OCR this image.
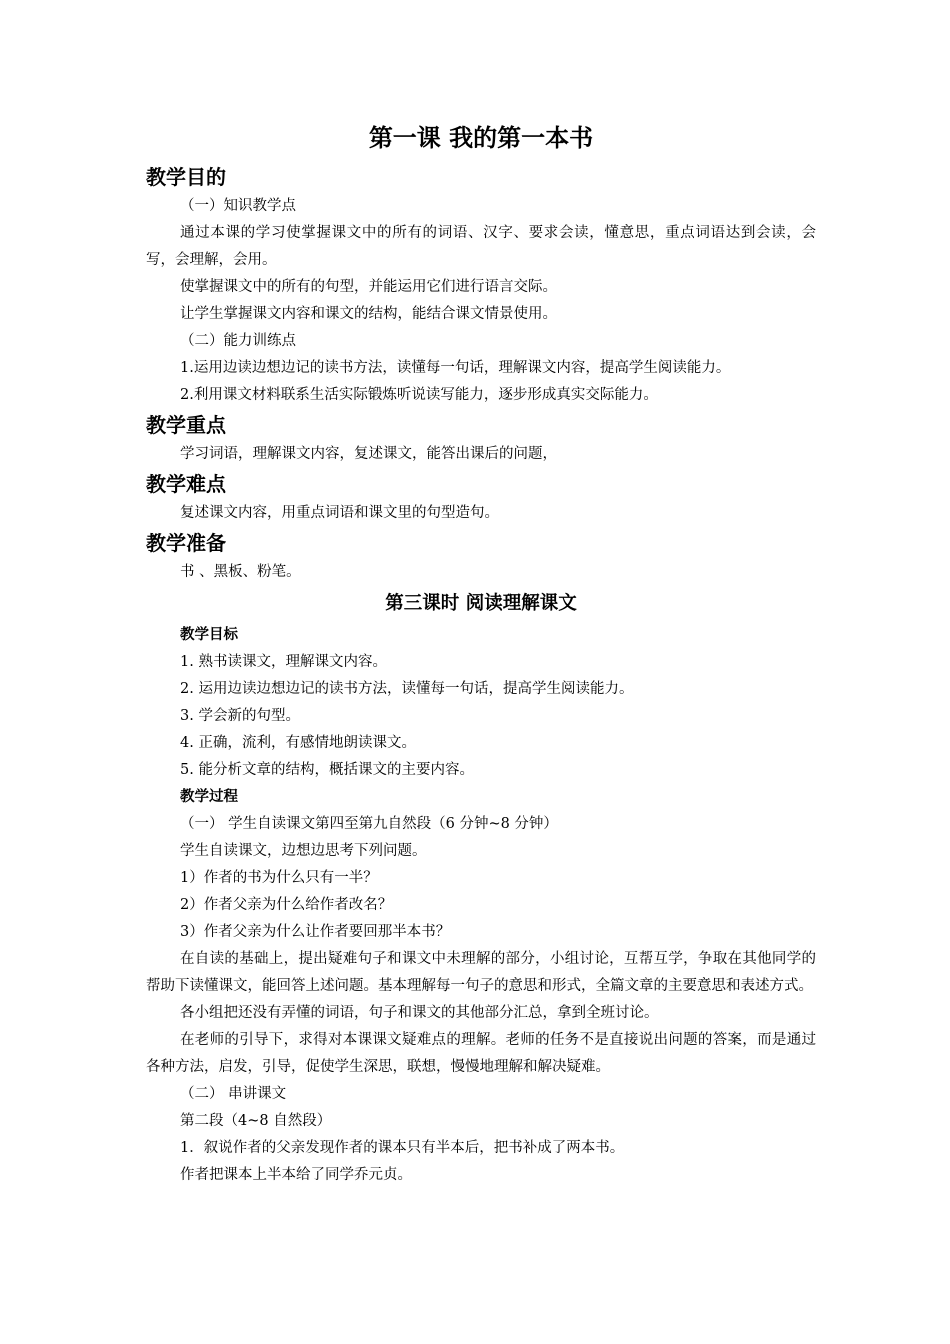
第一课 我的第一本书
教学目的
（一）知识教学点
通过本课的学习使掌握课文中的所有的词语、汉字、要求会读，懂意思，重点词语达到会读，会写，会理解，会用。
使掌握课文中的所有的句型，并能运用它们进行语言交际。
让学生掌握课文内容和课文的结构，能结合课文情景使用。
（二）能力训练点
1.运用边读边想边记的读书方法，读懂每一句话，理解课文内容，提高学生阅读能力。
2.利用课文材料联系生活实际锻炼听说读写能力，逐步形成真实交际能力。
教学重点
学习词语，理解课文内容，复述课文，能答出课后的问题，
教学难点
复述课文内容，用重点词语和课文里的句型造句。
教学准备
书 、黑板、粉笔。
第三课时 阅读理解课文
教学目标
1. 熟书读课文，理解课文内容。
2. 运用边读边想边记的读书方法，读懂每一句话，提高学生阅读能力。
3. 学会新的句型。
4. 正确，流利，有感情地朗读课文。
5. 能分析文章的结构，概括课文的主要内容。
教学过程
（一） 学生自读课文第四至第九自然段（6 分钟~8 分钟）
学生自读课文，边想边思考下列问题。
1）作者的书为什么只有一半？
2）作者父亲为什么给作者改名？
3）作者父亲为什么让作者要回那半本书？
在自读的基础上，提出疑难句子和课文中未理解的部分，小组讨论，互帮互学，争取在其他同学的帮助下读懂课文，能回答上述问题。基本理解每一句子的意思和形式，全篇文章的主要意思和表述方式。
各小组把还没有弄懂的词语，句子和课文的其他部分汇总，拿到全班讨论。
在老师的引导下，求得对本课课文疑难点的理解。老师的任务不是直接说出问题的答案，而是通过各种方法，启发，引导，促使学生深思，联想，慢慢地理解和解决疑难。
（二） 串讲课文
第二段（4~8 自然段）
1．叙说作者的父亲发现作者的课本只有半本后，把书补成了两本书。
作者把课本上半本给了同学乔元贞。
